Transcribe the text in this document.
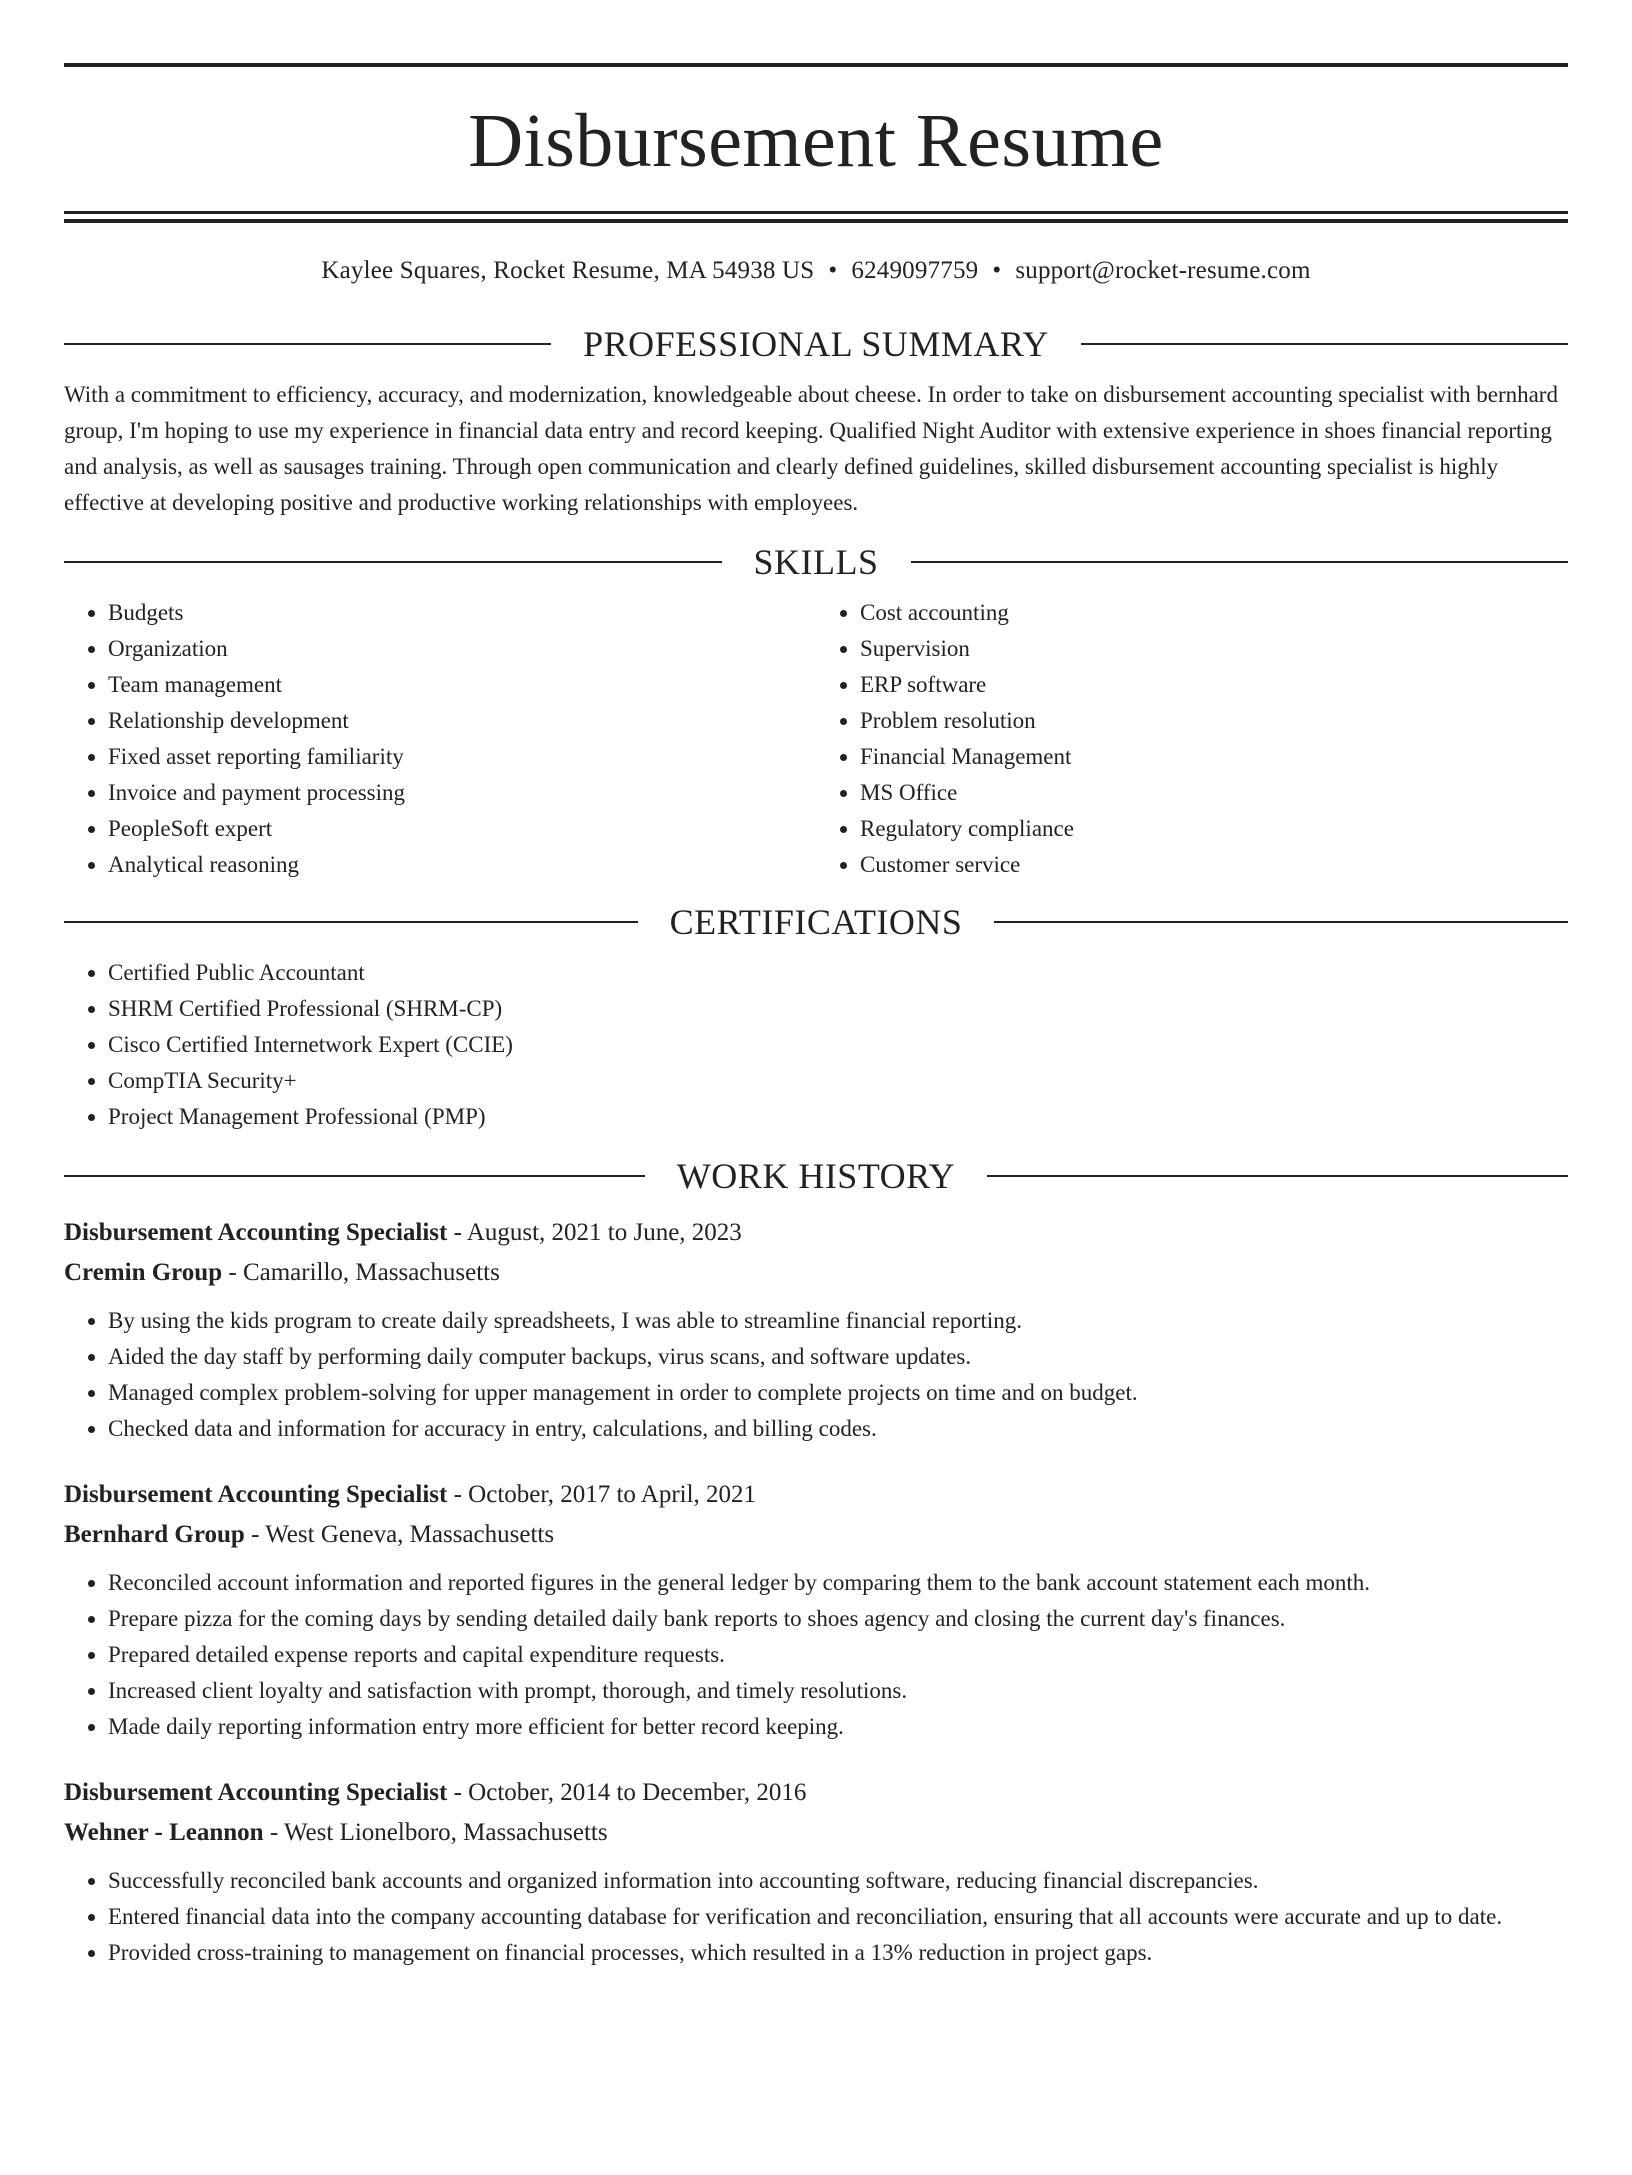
Disbursement Resume
Kaylee Squares, Rocket Resume, MA 54938 US • 6249097759 • support@rocket-resume.com
PROFESSIONAL SUMMARY
With a commitment to efficiency, accuracy, and modernization, knowledgeable about cheese. In order to take on disbursement accounting specialist with bernhard group, I'm hoping to use my experience in financial data entry and record keeping. Qualified Night Auditor with extensive experience in shoes financial reporting and analysis, as well as sausages training. Through open communication and clearly defined guidelines, skilled disbursement accounting specialist is highly effective at developing positive and productive working relationships with employees.
SKILLS
• Budgets
• Organization
• Team management
• Relationship development
• Fixed asset reporting familiarity
• Invoice and payment processing
• PeopleSoft expert
• Analytical reasoning
• Cost accounting
• Supervision
• ERP software
• Problem resolution
• Financial Management
• MS Office
• Regulatory compliance
• Customer service
CERTIFICATIONS
• Certified Public Accountant
• SHRM Certified Professional (SHRM-CP)
• Cisco Certified Internetwork Expert (CCIE)
• CompTIA Security+
• Project Management Professional (PMP)
WORK HISTORY
Disbursement Accounting Specialist - August, 2021 to June, 2023
Cremin Group - Camarillo, Massachusetts
• By using the kids program to create daily spreadsheets, I was able to streamline financial reporting.
• Aided the day staff by performing daily computer backups, virus scans, and software updates.
• Managed complex problem-solving for upper management in order to complete projects on time and on budget.
• Checked data and information for accuracy in entry, calculations, and billing codes.
Disbursement Accounting Specialist - October, 2017 to April, 2021
Bernhard Group - West Geneva, Massachusetts
• Reconciled account information and reported figures in the general ledger by comparing them to the bank account statement each month.
• Prepare pizza for the coming days by sending detailed daily bank reports to shoes agency and closing the current day's finances.
• Prepared detailed expense reports and capital expenditure requests.
• Increased client loyalty and satisfaction with prompt, thorough, and timely resolutions.
• Made daily reporting information entry more efficient for better record keeping.
Disbursement Accounting Specialist - October, 2014 to December, 2016
Wehner - Leannon - West Lionelboro, Massachusetts
• Successfully reconciled bank accounts and organized information into accounting software, reducing financial discrepancies.
• Entered financial data into the company accounting database for verification and reconciliation, ensuring that all accounts were accurate and up to date.
• Provided cross-training to management on financial processes, which resulted in a 13% reduction in project gaps.
